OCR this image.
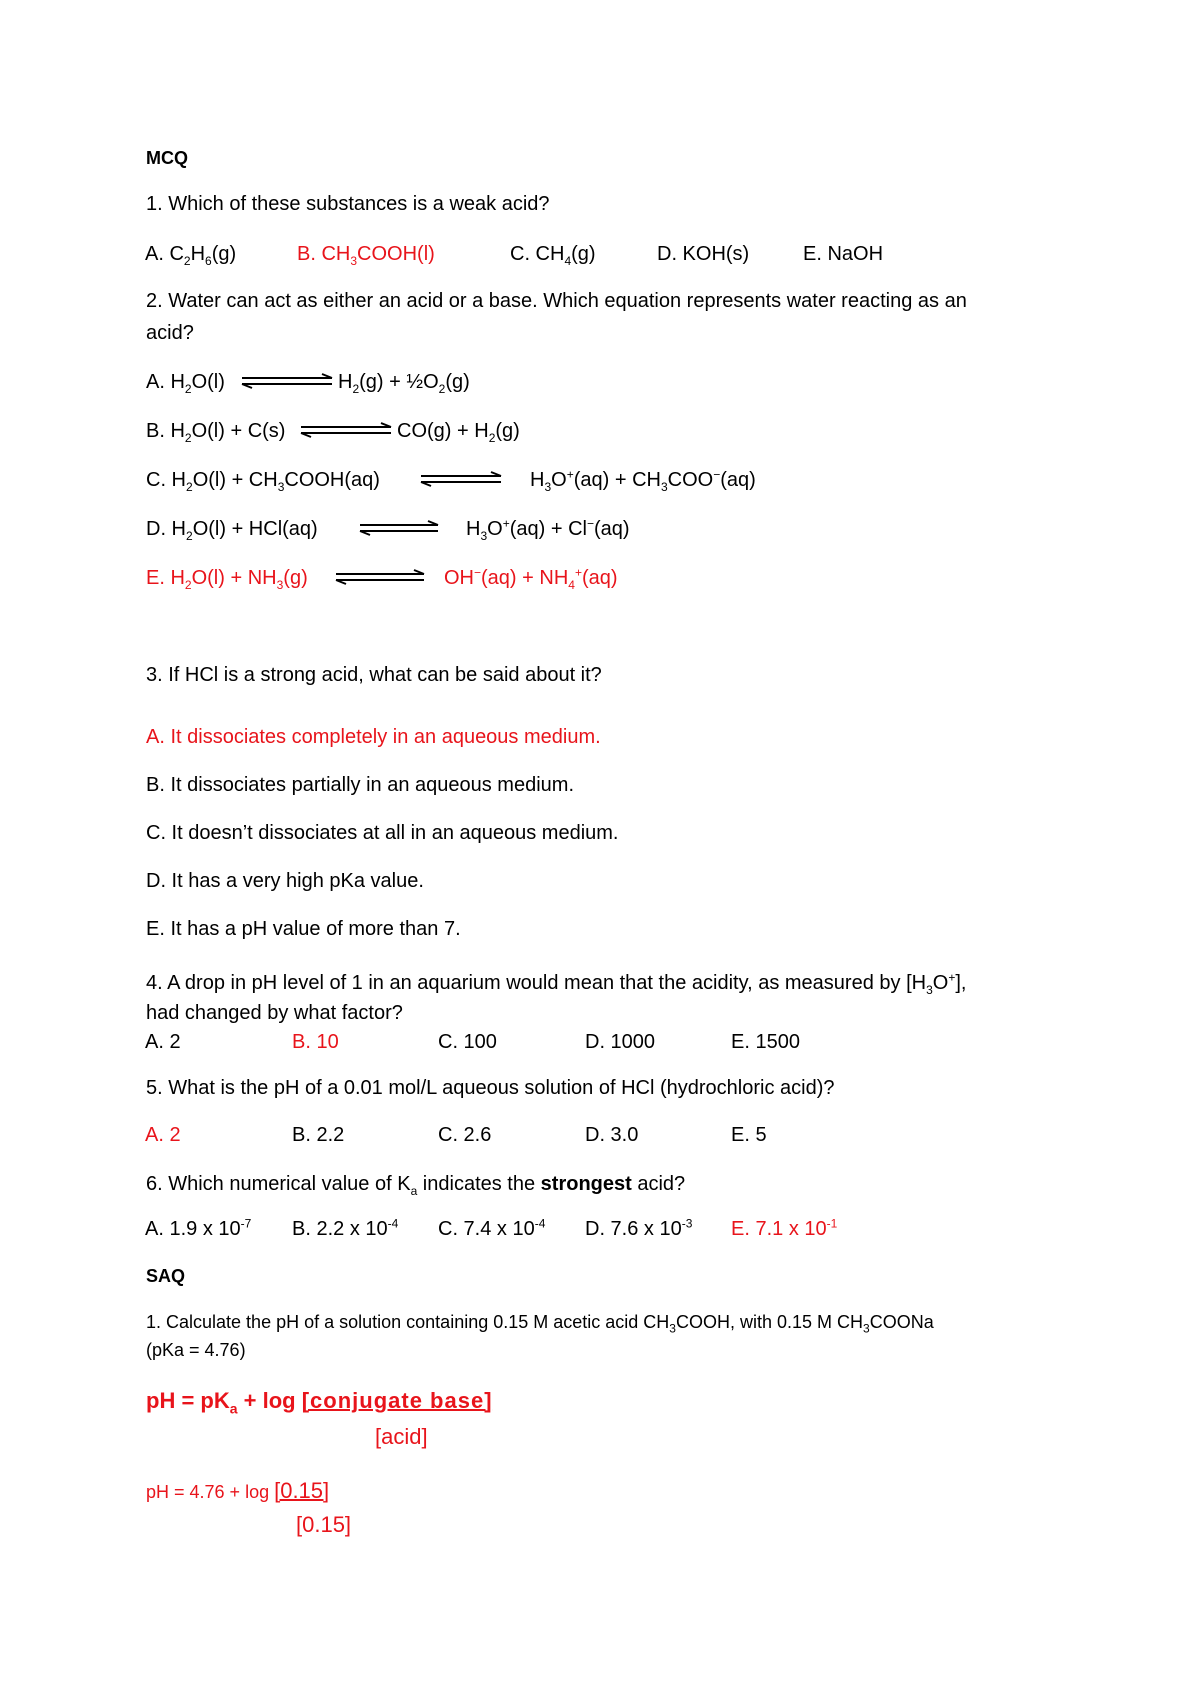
MCQ
1. Which of these substances is a weak acid?
A. $C_2H_6(g)$	B. $CH_3COOH(l)$	C. $CH_4(g)$	D. KOH(s)	E. NaOH
2. Water can act as either an acid or a base. Which equation represents water reacting as an
acid?
A. $H_2O(l)$	$H_2(g)$ + $\frac{1}{2}O_2(g)$
B. $H_2O(l) + C(s)$	$CO(g) + H_2(g)$
C. $H_2O(l)$ + $CH_3COOH(aq)$	$H_3O^+(aq) + CH_3COO^-(aq)$
D. $H_2O(l) + HCl(aq)$ ⇌ $H_3O^+(aq) + Cl^-(aq)$
E. $H_2O(l) + NH_3(g)$	$OH^-(aq) + NH_4^+(aq)$
3. If HCl is a strong acid, what can be said about it?
A. It dissociates completely in an aqueous medium.
B. It dissociates partially in an aqueous medium.
C. It doesn’t dissociates at all in an aqueous medium.
D. It has a very high pKa value.
E. It has a pH value of more than 7.
4. A drop in pH level of 1 in an aquarium would mean that the acidity, as measured by $[H_3O^+]$,
had changed by what factor?
A. 2	B. 10	C. 100	D. 1000	E. 1500
5. What is the pH of a 0.01 mol/L aqueous solution of HCl (hydrochloric acid)?
A. 2	B. 2.2	C. 2.6	D. 3.0	E. 5
6. Which numerical value of $K_a$ indicates the strongest acid?
A. 1.9 x $10^{-7}$ B. 2.2 x $10^{-4}$ C. 7.4 x $10^{-4}$ D. 7.6 x $10^{-3}$ E. 7.1 x $10^{-1}$
SAQ
1. Calculate the pH of a solution containing 0.15 M acetic acid $CH_3COOH$, with 0.15 M $CH_3COONa$
(pKa = 4.76)
pH = $pK_a + \log$ [conjugate base]
[acid]
pH = 4.76 + log [0.15]
[0.15]
